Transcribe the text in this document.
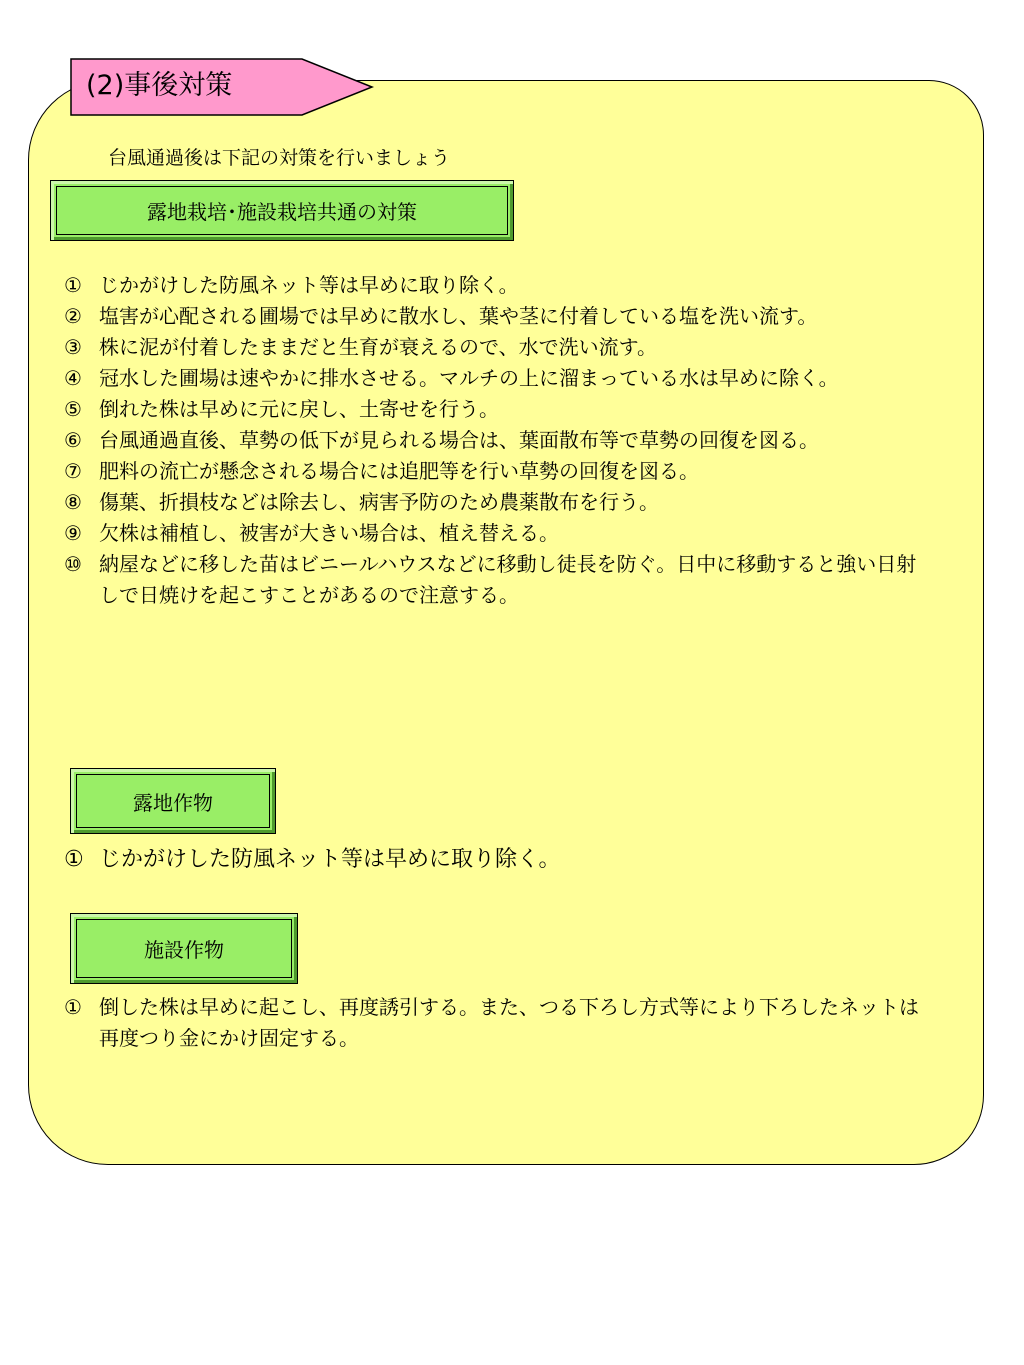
(2)事後対策
台風通過後は下記の対策を行いましょう
露地栽培･施設栽培共通の対策
① じかがけした防風ネット等は早めに取り除く。
② 塩害が心配される圃場では早めに散水し、葉や茎に付着している塩を洗い流す。
③ 株に泥が付着したままだと生育が衰えるので、水で洗い流す。
④ 冠水した圃場は速やかに排水させる。マルチの上に溜まっている水は早めに除く。
⑤ 倒れた株は早めに元に戻し、土寄せを行う。
⑥ 台風通過直後、草勢の低下が見られる場合は、葉面散布等で草勢の回復を図る。
⑦ 肥料の流亡が懸念される場合には追肥等を行い草勢の回復を図る。
⑧ 傷葉、折損枝などは除去し、病害予防のため農薬散布を行う。
⑨ 欠株は補植し、被害が大きい場合は、植え替える。
⑩ 納屋などに移した苗はビニールハウスなどに移動し徒長を防ぐ。日中に移動すると強い日射しで日焼けを起こすことがあるので注意する。
露地作物
① じかがけした防風ネット等は早めに取り除く。
施設作物
① 倒した株は早めに起こし、再度誘引する。また、つる下ろし方式等により下ろしたネットは再度つり金にかけ固定する。
